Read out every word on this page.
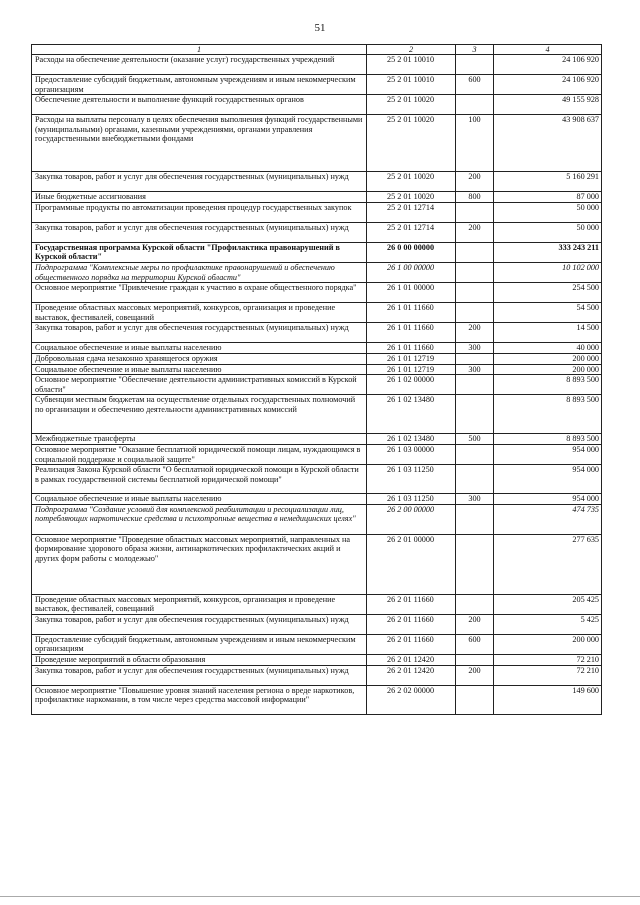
51
1	2	3	4
Расходы на обеспечение деятельности (оказание услуг) государственных учреждений	25 2 01 10010		24 106 920
Предоставление субсидий бюджетным, автономным учреждениям и иным некоммерческим организациям	25 2 01 10010	600	24 106 920
Обеспечение деятельности и выполнение функций государственных органов	25 2 01 10020		49 155 928
Расходы на выплаты персоналу в целях обеспечения выполнения функций государственными (муниципальными) органами, казенными учреждениями, органами управления государственными внебюджетными фондами	25 2 01 10020	100	43 908 637
Закупка товаров, работ и услуг для обеспечения государственных (муниципальных) нужд	25 2 01 10020	200	5 160 291
Иные бюджетные ассигнования	25 2 01 10020	800	87 000
Программные продукты по автоматизации проведения процедур государственных закупок	25 2 01 12714		50 000
Закупка товаров, работ и услуг для обеспечения государственных (муниципальных) нужд	25 2 01 12714	200	50 000
Государственная программа Курской области "Профилактика правонарушений в Курской области"	26 0 00 00000		333 243 211
Подпрограмма "Комплексные меры по профилактике правонарушений и обеспечению общественного порядка на территории Курской области"	26 1 00 00000		10 102 000
Основное мероприятие "Привлечение граждан к участию в охране общественного порядка"	26 1 01 00000		254 500
Проведение областных массовых мероприятий, конкурсов, организация и проведение выставок, фестивалей, совещаний	26 1 01 11660		54 500
Закупка товаров, работ и услуг для обеспечения государственных (муниципальных) нужд	26 1 01 11660	200	14 500
Социальное обеспечение и иные выплаты населению	26 1 01 11660	300	40 000
Добровольная сдача незаконно хранящегося оружия	26 1 01 12719		200 000
Социальное обеспечение и иные выплаты населению	26 1 01 12719	300	200 000
Основное мероприятие "Обеспечение деятельности административных комиссий в Курской области"	26 1 02 00000		8 893 500
Субвенции местным бюджетам на осуществление отдельных государственных полномочий по организации и обеспечению деятельности административных комиссий	26 1 02 13480		8 893 500
Межбюджетные трансферты	26 1 02 13480	500	8 893 500
Основное мероприятие "Оказание бесплатной юридической помощи лицам, нуждающимся в социальной поддержке и социальной защите"	26 1 03 00000		954 000
Реализация Закона Курской области "О бесплатной юридической помощи в Курской области в рамках государственной системы бесплатной юридической помощи"	26 1 03 11250		954 000
Социальное обеспечение и иные выплаты населению	26 1 03 11250	300	954 000
Подпрограмма "Создание условий для комплексной реабилитации и ресоциализации лиц, потребляющих наркотические средства и психотропные вещества в немедицинских целях"	26 2 00 00000		474 735
Основное мероприятие "Проведение областных массовых мероприятий, направленных на формирование здорового образа жизни, антинаркотических профилактических акций и других форм работы с молодежью"	26 2 01 00000		277 635
Проведение областных массовых мероприятий, конкурсов, организация и проведение выставок, фестивалей, совещаний	26 2 01 11660		205 425
Закупка товаров, работ и услуг для обеспечения государственных (муниципальных) нужд	26 2 01 11660	200	5 425
Предоставление субсидий бюджетным, автономным учреждениям и иным некоммерческим организациям	26 2 01 11660	600	200 000
Проведение мероприятий в области образования	26 2 01 12420		72 210
Закупка товаров, работ и услуг для обеспечения государственных (муниципальных) нужд	26 2 01 12420	200	72 210
Основное мероприятие "Повышение уровня знаний населения региона о вреде наркотиков, профилактике наркомании, в том числе через средства массовой информации"	26 2 02 00000		149 600
